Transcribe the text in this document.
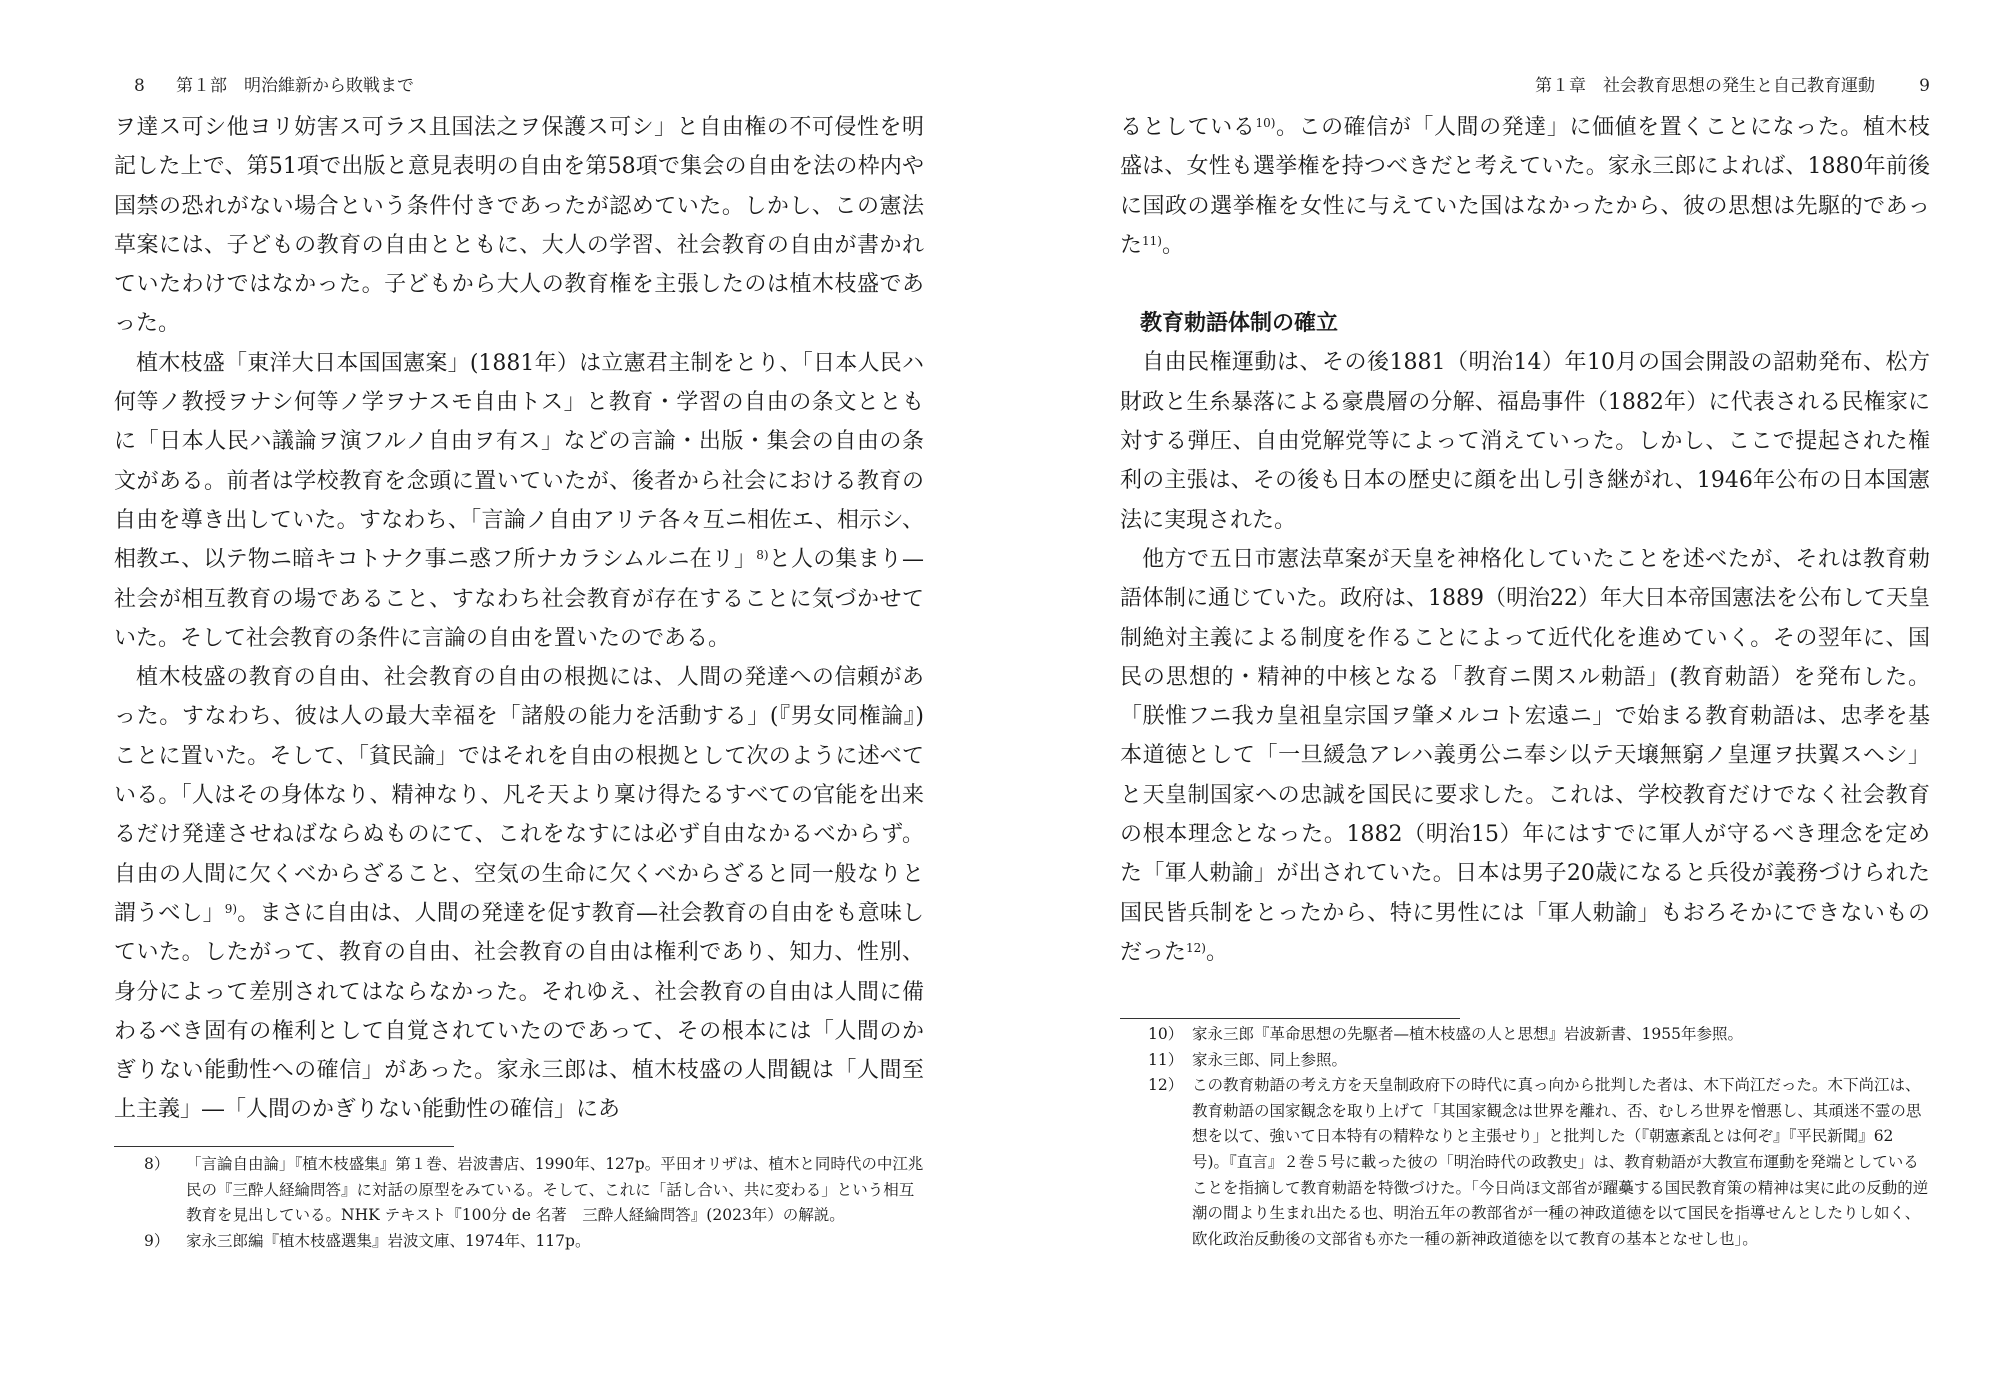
8 第１部　明治維新から敗戦まで

ヲ達ス可シ他ヨリ妨害ス可ラス且国法之ヲ保護ス可シ」と自由権の不可侵性を明記した上で、第51項で出版と意見表明の自由を第58項で集会の自由を法の枠内や国禁の恐れがない場合という条件付きであったが認めていた。しかし、この憲法草案には、子どもの教育の自由とともに、大人の学習、社会教育の自由が書かれていたわけではなかった。子どもから大人の教育権を主張したのは植木枝盛であった。

植木枝盛「東洋大日本国国憲案」(1881年）は立憲君主制をとり、「日本人民ハ何等ノ教授ヲナシ何等ノ学ヲナスモ自由トス」と教育・学習の自由の条文とともに「日本人民ハ議論ヲ演フルノ自由ヲ有ス」などの言論・出版・集会の自由の条文がある。前者は学校教育を念頭に置いていたが、後者から社会における教育の自由を導き出していた。すなわち、「言論ノ自由アリテ各々互ニ相佐エ、相示シ、相教エ、以テ物ニ暗キコトナク事ニ惑フ所ナカラシムルニ在リ」$^{8)}$と人の集まり—社会が相互教育の場であること、すなわち社会教育が存在することに気づかせていた。そして社会教育の条件に言論の自由を置いたのである。

植木枝盛の教育の自由、社会教育の自由の根拠には、人間の発達への信頼があった。すなわち、彼は人の最大幸福を「諸般の能力を活動する」(『男女同権論』) ことに置いた。そして、「貧民論」ではそれを自由の根拠として次のように述べている。「人はその身体なり、精神なり、凡そ天より稟け得たるすべての官能を出来るだけ発達させねばならぬものにて、これをなすには必ず自由なかるべからず。自由の人間に欠くべからざること、空気の生命に欠くべからざると同一般なりと謂うべし」$^{9)}$。まさに自由は、人間の発達を促す教育—社会教育の自由をも意味していた。したがって、教育の自由、社会教育の自由は権利であり、知力、性別、身分によって差別されてはならなかった。それゆえ、社会教育の自由は人間に備わるべき固有の権利として自覚されていたのであって、その根本には「人間のかぎりない能動性への確信」があった。家永三郎は、植木枝盛の人間観は「人間至上主義」―「人間のかぎりない能動性の確信」にあ

8） 「言論自由論」『植木枝盛集』第１巻、岩波書店、1990年、127p。平田オリザは、植木と同時代の中江兆民の『三酔人経綸問答』に対話の原型をみている。そして、これに「話し合い、共に変わる」という相互教育を見出している。NHK テキスト『100分 de 名著　三酔人経綸問答』(2023年）の解説。
9） 家永三郎編『植木枝盛選集』岩波文庫、1974年、117p。
第１章　社会教育思想の発生と自己教育運動	9

るとしている$^{10)}$。この確信が「人間の発達」に価値を置くことになった。植木枝盛は、女性も選挙権を持つべきだと考えていた。家永三郎によれば、1880年前後に国政の選挙権を女性に与えていた国はなかったから、彼の思想は先駆的であった$^{11)}$。

教育勅語体制の確立

自由民権運動は、その後1881（明治14）年10月の国会開設の詔勅発布、松方財政と生糸暴落による豪農層の分解、福島事件（1882年）に代表される民権家に対する弾圧、自由党解党等によって消えていった。しかし、ここで提起された権利の主張は、その後も日本の歴史に顔を出し引き継がれ、1946年公布の日本国憲法に実現された。

他方で五日市憲法草案が天皇を神格化していたことを述べたが、それは教育勅語体制に通じていた。政府は、1889（明治22）年大日本帝国憲法を公布して天皇制絶対主義による制度を作ることによって近代化を進めていく。その翌年に、国民の思想的・精神的中核となる「教育ニ関スル勅語」(教育勅語）を発布した。「朕惟フニ我カ皇祖皇宗国ヲ肇メルコト宏遠ニ」で始まる教育勅語は、忠孝を基本道徳として「一旦緩急アレハ義勇公ニ奉シ以テ天壌無窮ノ皇運ヲ扶翼スヘシ」と天皇制国家への忠誠を国民に要求した。これは、学校教育だけでなく社会教育の根本理念となった。1882（明治15）年にはすでに軍人が守るべき理念を定めた「軍人勅諭」が出されていた。日本は男子20歳になると兵役が義務づけられた国民皆兵制をとったから、特に男性には「軍人勅諭」もおろそかにできないものだった$^{12)}$。

10） 家永三郎『革命思想の先駆者—植木枝盛の人と思想』岩波新書、1955年参照。
11） 家永三郎、同上参照。
12） この教育勅語の考え方を天皇制政府下の時代に真っ向から批判した者は、木下尚江だった。木下尚江は、教育勅語の国家観念を取り上げて「其国家観念は世界を離れ、否、むしろ世界を憎悪し、其頑迷不霊の思想を以て、強いて日本特有の精粋なりと主張せり」と批判した（『朝憲紊乱とは何ぞ』『平民新聞』62号)。『直言』２巻５号に載った彼の「明治時代の政教史」は、教育勅語が大教宣布運動を発端としていることを指摘して教育勅語を特徴づけた。「今日尚ほ文部省が躍蘽する国民教育策の精神は実に此の反動的逆潮の間より生まれ出たる也、明治五年の教部省が一種の神政道徳を以て国民を指導せんとしたりし如く、欧化政治反動後の文部省も亦た一種の新神政道徳を以て教育の基本となせし也」。
